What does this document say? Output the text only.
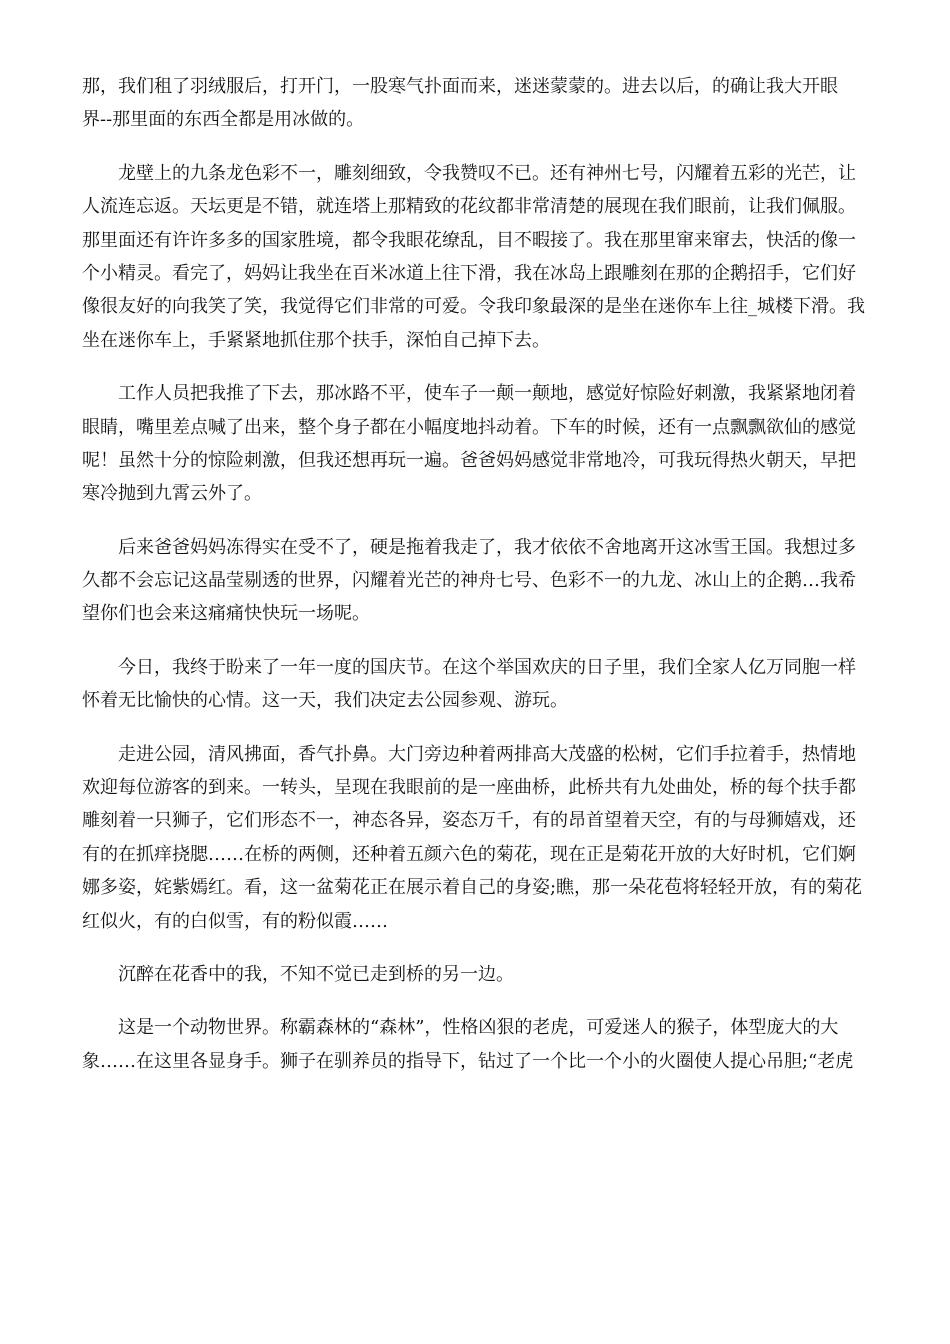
那，我们租了羽绒服后，打开门，一股寒气扑面而来，迷迷蒙蒙的。进去以后，的确让我大开眼
界--那里面的东西全都是用冰做的。
龙壁上的九条龙色彩不一，雕刻细致，令我赞叹不已。还有神州七号，闪耀着五彩的光芒，让
人流连忘返。天坛更是不错，就连塔上那精致的花纹都非常清楚的展现在我们眼前，让我们佩服。
那里面还有许许多多的国家胜境，都令我眼花缭乱，目不暇接了。我在那里窜来窜去，快活的像一
个小精灵。看完了，妈妈让我坐在百米冰道上往下滑，我在冰岛上跟雕刻在那的企鹅招手，它们好
像很友好的向我笑了笑，我觉得它们非常的可爱。令我印象最深的是坐在迷你车上往_城楼下滑。我
坐在迷你车上，手紧紧地抓住那个扶手，深怕自己掉下去。
工作人员把我推了下去，那冰路不平，使车子一颠一颠地，感觉好惊险好刺激，我紧紧地闭着
眼睛，嘴里差点喊了出来，整个身子都在小幅度地抖动着。下车的时候，还有一点飘飘欲仙的感觉
呢！虽然十分的惊险刺激，但我还想再玩一遍。爸爸妈妈感觉非常地冷，可我玩得热火朝天，早把
寒冷抛到九霄云外了。
后来爸爸妈妈冻得实在受不了，硬是拖着我走了，我才依依不舍地离开这冰雪王国。我想过多
久都不会忘记这晶莹剔透的世界，闪耀着光芒的神舟七号、色彩不一的九龙、冰山上的企鹅…我希
望你们也会来这痛痛快快玩一场呢。
今日，我终于盼来了一年一度的国庆节。在这个举国欢庆的日子里，我们全家人亿万同胞一样
怀着无比愉快的心情。这一天，我们决定去公园参观、游玩。
走进公园，清风拂面，香气扑鼻。大门旁边种着两排高大茂盛的松树，它们手拉着手，热情地
欢迎每位游客的到来。一转头，呈现在我眼前的是一座曲桥，此桥共有九处曲处，桥的每个扶手都
雕刻着一只狮子，它们形态不一，神态各异，姿态万千，有的昂首望着天空，有的与母狮嬉戏，还
有的在抓痒挠腮……在桥的两侧，还种着五颜六色的菊花，现在正是菊花开放的大好时机，它们婀
娜多姿，姹紫嫣红。看，这一盆菊花正在展示着自己的身姿;瞧，那一朵花苞将轻轻开放，有的菊花
红似火，有的白似雪，有的粉似霞……
沉醉在花香中的我，不知不觉已走到桥的另一边。
这是一个动物世界。称霸森林的“森林”，性格凶狠的老虎，可爱迷人的猴子，体型庞大的大
象……在这里各显身手。狮子在驯养员的指导下，钻过了一个比一个小的火圈使人提心吊胆;“老虎
